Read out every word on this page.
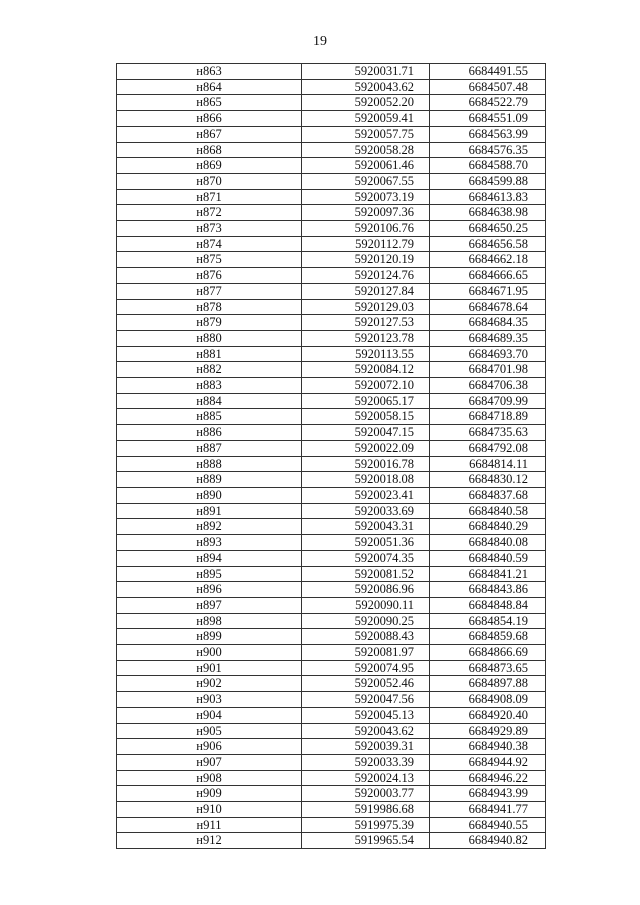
19
н863	5920031.71	6684491.55
н864	5920043.62	6684507.48
н865	5920052.20	6684522.79
н866	5920059.41	6684551.09
н867	5920057.75	6684563.99
н868	5920058.28	6684576.35
н869	5920061.46	6684588.70
н870	5920067.55	6684599.88
н871	5920073.19	6684613.83
н872	5920097.36	6684638.98
н873	5920106.76	6684650.25
н874	5920112.79	6684656.58
н875	5920120.19	6684662.18
н876	5920124.76	6684666.65
н877	5920127.84	6684671.95
н878	5920129.03	6684678.64
н879	5920127.53	6684684.35
н880	5920123.78	6684689.35
н881	5920113.55	6684693.70
н882	5920084.12	6684701.98
н883	5920072.10	6684706.38
н884	5920065.17	6684709.99
н885	5920058.15	6684718.89
н886	5920047.15	6684735.63
н887	5920022.09	6684792.08
н888	5920016.78	6684814.11
н889	5920018.08	6684830.12
н890	5920023.41	6684837.68
н891	5920033.69	6684840.58
н892	5920043.31	6684840.29
н893	5920051.36	6684840.08
н894	5920074.35	6684840.59
н895	5920081.52	6684841.21
н896	5920086.96	6684843.86
н897	5920090.11	6684848.84
н898	5920090.25	6684854.19
н899	5920088.43	6684859.68
н900	5920081.97	6684866.69
н901	5920074.95	6684873.65
н902	5920052.46	6684897.88
н903	5920047.56	6684908.09
н904	5920045.13	6684920.40
н905	5920043.62	6684929.89
н906	5920039.31	6684940.38
н907	5920033.39	6684944.92
н908	5920024.13	6684946.22
н909	5920003.77	6684943.99
н910	5919986.68	6684941.77
н911	5919975.39	6684940.55
н912	5919965.54	6684940.82
